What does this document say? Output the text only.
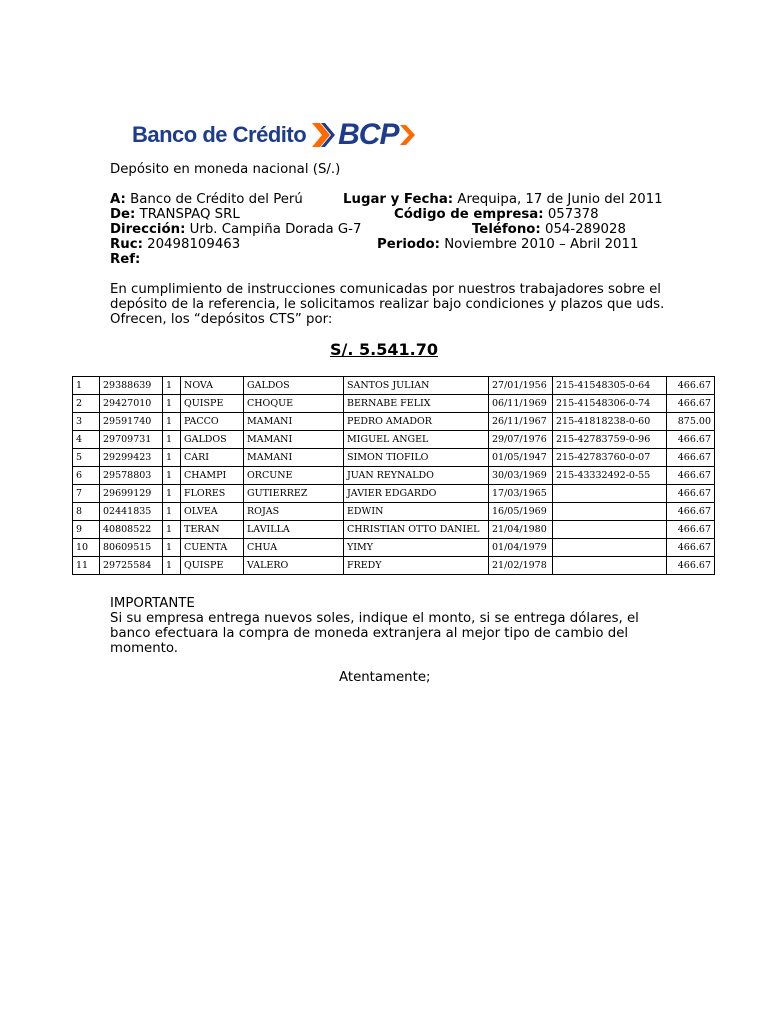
Banco de Crédito BCP
Depósito en moneda nacional (S/.)
A: Banco de Crédito del Perú	Lugar y Fecha: Arequipa, 17 de Junio del 2011
De: TRANSPAQ SRL	Código de empresa: 057378
Dirección: Urb. Campiña Dorada G-7	Teléfono: 054-289028
Ruc: 20498109463	Periodo: Noviembre 2010 – Abril 2011
Ref:
En cumplimiento de instrucciones comunicadas por nuestros trabajadores sobre el
depósito de la referencia, le solicitamos realizar bajo condiciones y plazos que uds.
Ofrecen, los “depósitos CTS” por:
S/. 5.541.70
1	29388639	1	NOVA	GALDOS	SANTOS JULIAN	27/01/1956	215-41548305-0-64	466.67
2	29427010	1	QUISPE	CHOQUE	BERNABE FELIX	06/11/1969	215-41548306-0-74	466.67
3	29591740	1	PACCO	MAMANI	PEDRO AMADOR	26/11/1967	215-41818238-0-60	875.00
4	29709731	1	GALDOS	MAMANI	MIGUEL ANGEL	29/07/1976	215-42783759-0-96	466.67
5	29299423	1	CARI	MAMANI	SIMON TIOFILO	01/05/1947	215-42783760-0-07	466.67
6	29578803	1	CHAMPI	ORCUNE	JUAN REYNALDO	30/03/1969	215-43332492-0-55	466.67
7	29699129	1	FLORES	GUTIERREZ	JAVIER EDGARDO	17/03/1965		466.67
8	02441835	1	OLVEA	ROJAS	EDWIN	16/05/1969		466.67
9	40808522	1	TERAN	LAVILLA	CHRISTIAN OTTO DANIEL	21/04/1980		466.67
10	80609515	1	CUENTA	CHUA	YIMY	01/04/1979		466.67
11	29725584	1	QUISPE	VALERO	FREDY	21/02/1978		466.67
IMPORTANTE
Si su empresa entrega nuevos soles, indique el monto, si se entrega dólares, el
banco efectuara la compra de moneda extranjera al mejor tipo de cambio del
momento.
Atentamente;
